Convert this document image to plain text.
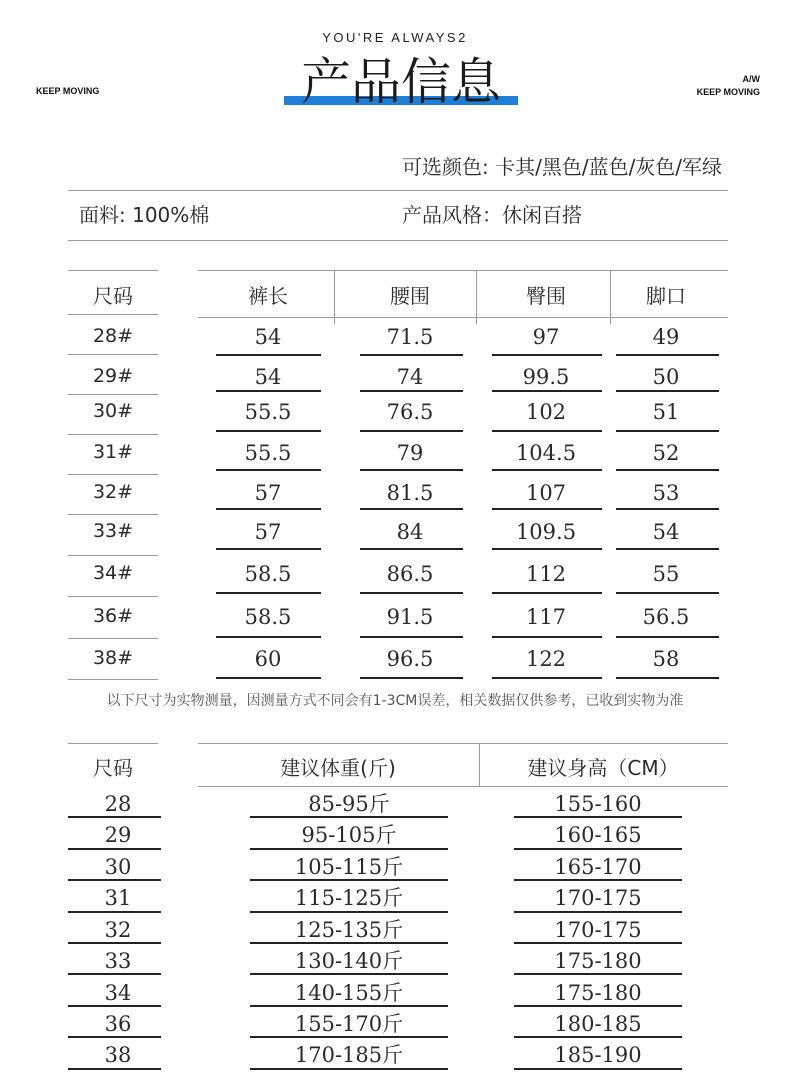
YOU'RE ALWAYS2
KEEP MOVING
A/W
KEEP MOVING
产品信息
可选颜色: 卡其/黑色/蓝色/灰色/军绿
面料: 100%棉	产品风格：休闲百搭
尺码	裤长	腰围	臀围	脚口
28#	54	71.5	97	49
29#	54	74	99.5	50
30#	55.5	76.5	102	51
31#	55.5	79	104.5	52
32#	57	81.5	107	53
33#	57	84	109.5	54
34#	58.5	86.5	112	55
36#	58.5	91.5	117	56.5
38#	60	96.5	122	58
以下尺寸为实物测量，因测量方式不同会有1-3CM误差，相关数据仅供参考，已收到实物为准
尺码	建议体重(斤)	建议身高（CM）
28	85-95斤	155-160
29	95-105斤	160-165
30	105-115斤	165-170
31	115-125斤	170-175
32	125-135斤	170-175
33	130-140斤	175-180
34	140-155斤	175-180
36	155-170斤	180-185
38	170-185斤	185-190
